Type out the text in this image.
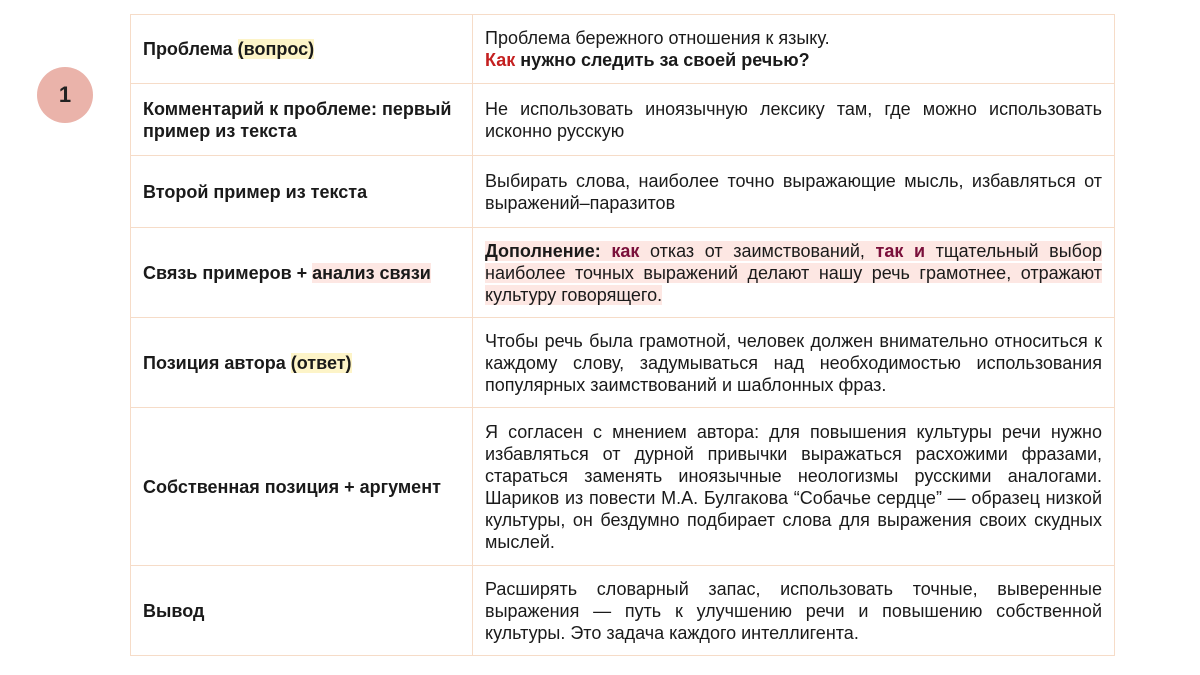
1
Проблема (вопрос)	Проблема бережного отношения к языку.
Как нужно следить за своей речью?

Комментарий к проблеме: первый пример из текста	Не использовать иноязычную лексику там, где можно использовать исконно русскую
Второй пример из текста	Выбирать слова, наиболее точно выражающие мысль, избавляться от выражений–паразитов
Связь примеров + анализ связи	Дополнение: как отказ от заимствований, так и тщательный выбор наиболее точных выражений делают нашу речь грамотнее, отражают культуру говорящего.
Позиция автора (ответ)	Чтобы речь была грамотной, человек должен внимательно относиться к каждому слову, задумываться над необходимостью использования популярных заимствований и шаблонных фраз.
Собственная позиция + аргумент	Я согласен с мнением автора: для повышения культуры речи нужно избавляться от дурной привычки выражаться расхожими фразами, стараться заменять иноязычные неологизмы русскими аналогами. Шариков из повести М.А. Булгакова “Собачье сердце” — образец низкой культуры, он бездумно подбирает слова для выражения своих скудных мыслей.
Вывод	Расширять словарный запас, использовать точные, выверенные выражения — путь к улучшению речи и повышению собственной культуры. Это задача каждого интеллигента.
